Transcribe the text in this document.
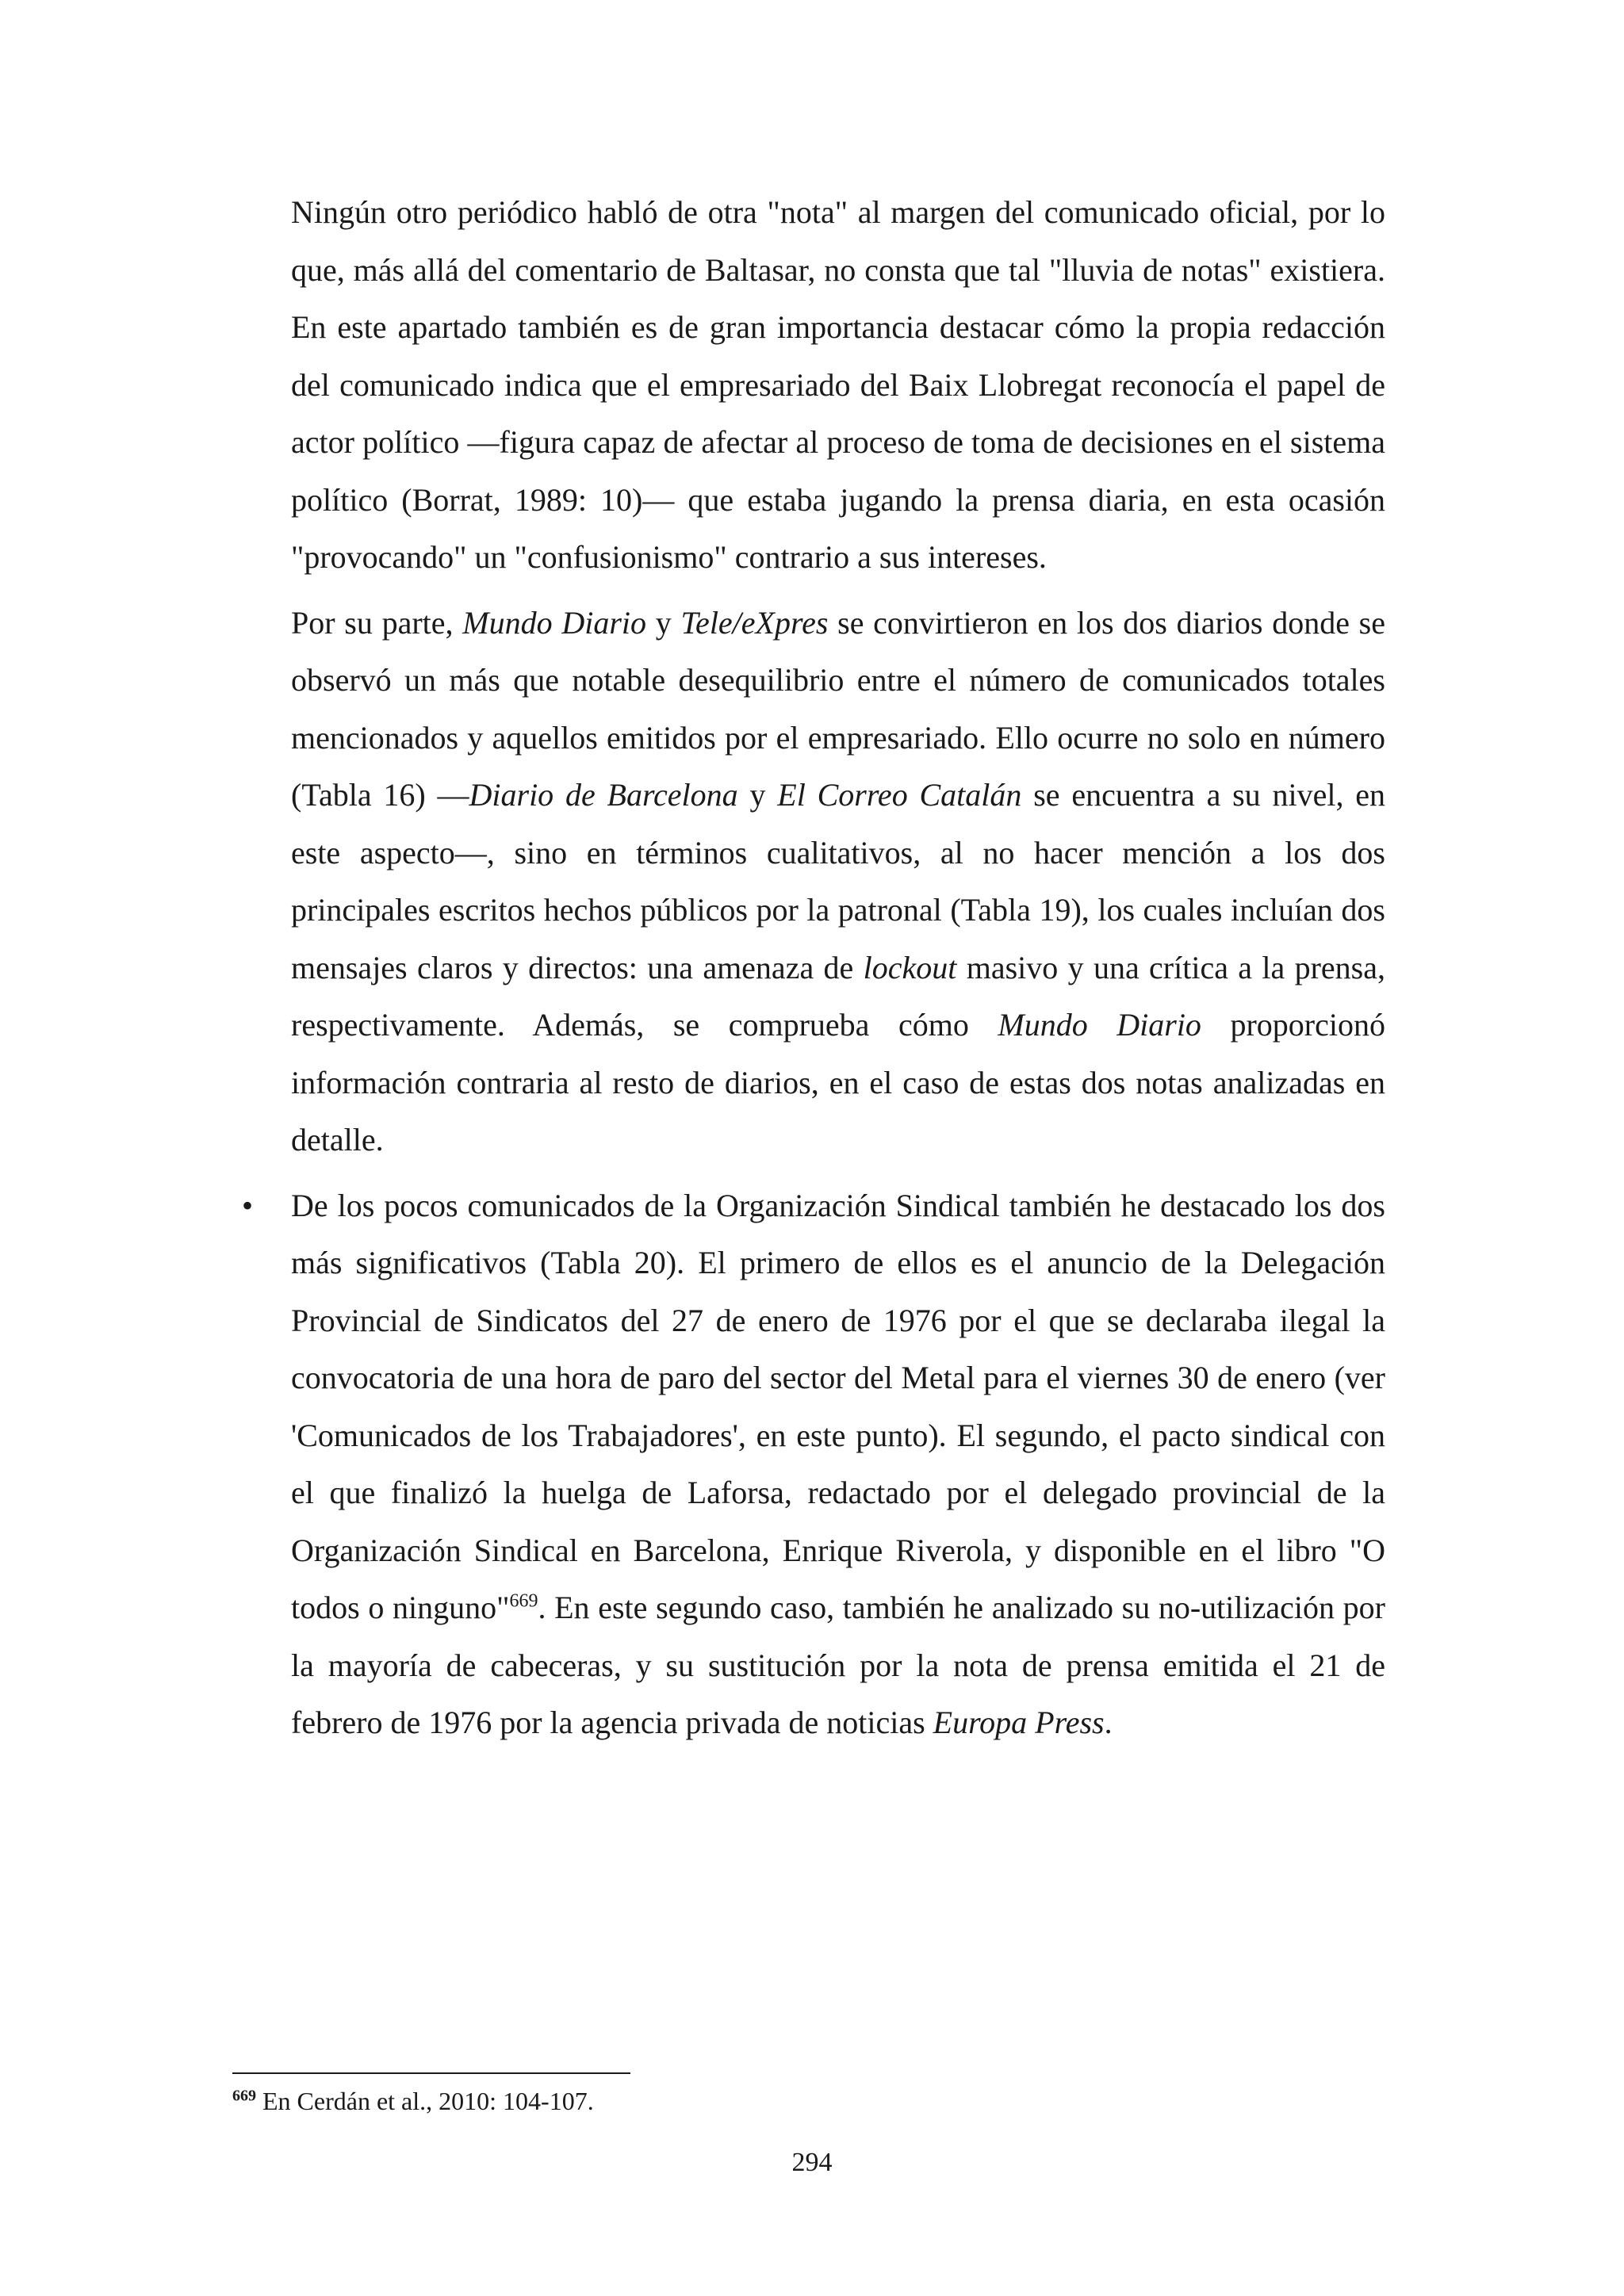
Ningún otro periódico habló de otra "nota" al margen del comunicado oficial, por lo que, más allá del comentario de Baltasar, no consta que tal "lluvia de notas" existiera. En este apartado también es de gran importancia destacar cómo la propia redacción del comunicado indica que el empresariado del Baix Llobregat reconocía el papel de actor político —figura capaz de afectar al proceso de toma de decisiones en el sistema político (Borrat, 1989: 10)— que estaba jugando la prensa diaria, en esta ocasión "provocando" un "confusionismo" contrario a sus intereses.

Por su parte, Mundo Diario y Tele/eXpres se convirtieron en los dos diarios donde se observó un más que notable desequilibrio entre el número de comunicados totales mencionados y aquellos emitidos por el empresariado. Ello ocurre no solo en número (Tabla 16) —Diario de Barcelona y El Correo Catalán se encuentra a su nivel, en este aspecto—, sino en términos cualitativos, al no hacer mención a los dos principales escritos hechos públicos por la patronal (Tabla 19), los cuales incluían dos mensajes claros y directos: una amenaza de lockout masivo y una crítica a la prensa, respectivamente. Además, se comprueba cómo Mundo Diario proporcionó información contraria al resto de diarios, en el caso de estas dos notas analizadas en detalle.

• De los pocos comunicados de la Organización Sindical también he destacado los dos más significativos (Tabla 20). El primero de ellos es el anuncio de la Delegación Provincial de Sindicatos del 27 de enero de 1976 por el que se declaraba ilegal la convocatoria de una hora de paro del sector del Metal para el viernes 30 de enero (ver 'Comunicados de los Trabajadores', en este punto). El segundo, el pacto sindical con el que finalizó la huelga de Laforsa, redactado por el delegado provincial de la Organización Sindical en Barcelona, Enrique Riverola, y disponible en el libro "O todos o ninguno"$^{669}$. En este segundo caso, también he analizado su no-utilización por la mayoría de cabeceras, y su sustitución por la nota de prensa emitida el 21 de febrero de 1976 por la agencia privada de noticias Europa Press.

$^{669}$ En Cerdán et al., 2010: 104-107.
294
